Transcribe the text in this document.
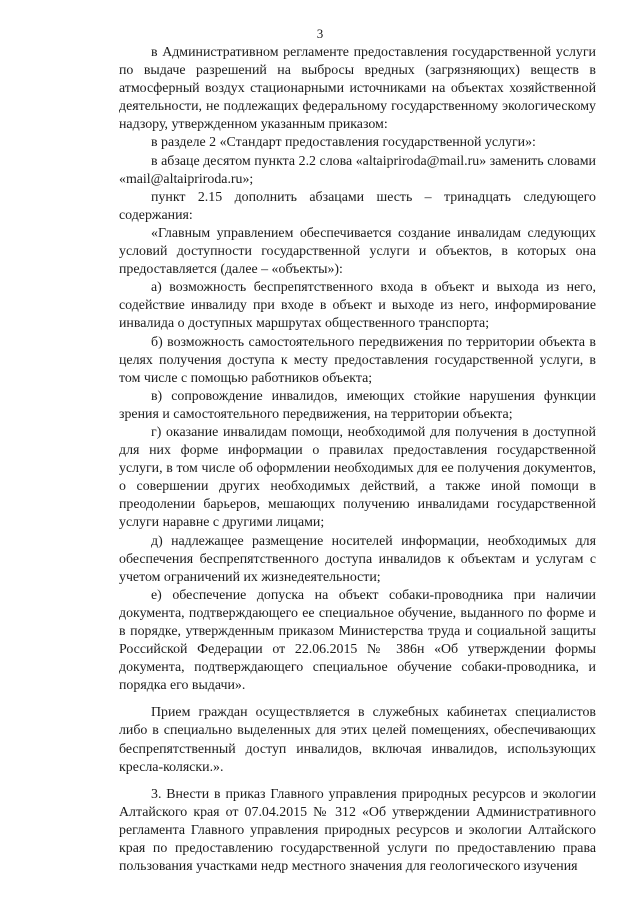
3

в Административном регламенте предоставления государственной услуги по выдаче разрешений на выбросы вредных (загрязняющих) веществ в атмосферный воздух стационарными источниками на объектах хозяйственной деятельности, не подлежащих федеральному государственному экологическому надзору, утвержденном указанным приказом:

в разделе 2 «Стандарт предоставления государственной услуги»:

в абзаце десятом пункта 2.2 слова «altaipriroda@mail.ru» заменить словами «mail@altaipriroda.ru»;

пункт 2.15 дополнить абзацами шесть – тринадцать следующего содержания:

«Главным управлением обеспечивается создание инвалидам следующих условий доступности государственной услуги и объектов, в которых она предоставляется (далее – «объекты»):

а) возможность беспрепятственного входа в объект и выхода из него, содействие инвалиду при входе в объект и выходе из него, информирование инвалида о доступных маршрутах общественного транспорта;

б) возможность самостоятельного передвижения по территории объекта в целях получения доступа к месту предоставления государственной услуги, в том числе с помощью работников объекта;

в) сопровождение инвалидов, имеющих стойкие нарушения функции зрения и самостоятельного передвижения, на территории объекта;

г) оказание инвалидам помощи, необходимой для получения в доступной для них форме информации о правилах предоставления государственной услуги, в том числе об оформлении необходимых для ее получения документов, о совершении других необходимых действий, а также иной помощи в преодолении барьеров, мешающих получению инвалидами государственной услуги наравне с другими лицами;

д) надлежащее размещение носителей информации, необходимых для обеспечения беспрепятственного доступа инвалидов к объектам и услугам с учетом ограничений их жизнедеятельности;

е) обеспечение допуска на объект собаки-проводника при наличии документа, подтверждающего ее специальное обучение, выданного по форме и в порядке, утвержденным приказом Министерства труда и социальной защиты Российской Федерации от 22.06.2015 № 386н «Об утверждении формы документа, подтверждающего специальное обучение собаки-проводника, и порядка его выдачи».

Прием граждан осуществляется в служебных кабинетах специалистов либо в специально выделенных для этих целей помещениях, обеспечивающих беспрепятственный доступ инвалидов, включая инвалидов, использующих кресла-коляски.».

3. Внести в приказ Главного управления природных ресурсов и экологии Алтайского края от 07.04.2015 № 312 «Об утверждении Административного регламента Главного управления природных ресурсов и экологии Алтайского края по предоставлению государственной услуги по предоставлению права пользования участками недр местного значения для геологического изучения
